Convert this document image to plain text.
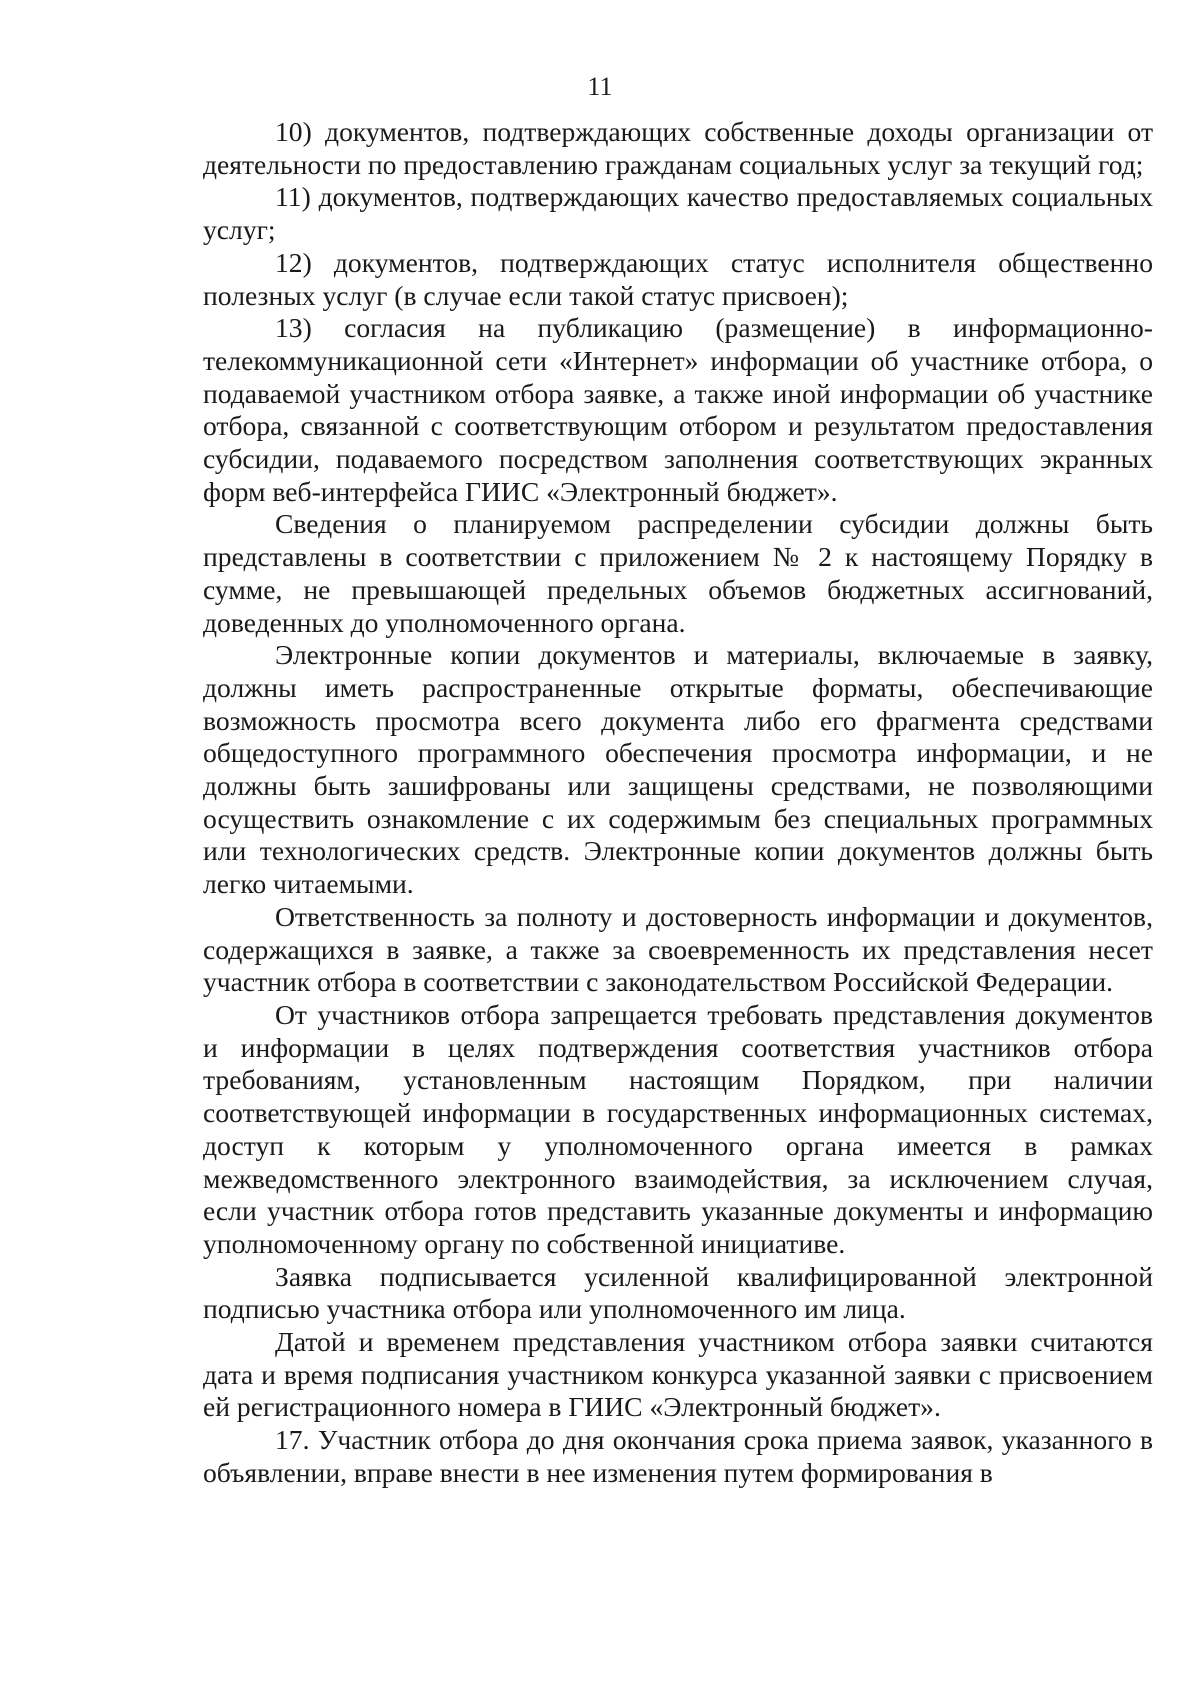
11

10) документов, подтверждающих собственные доходы организации от деятельности по предоставлению гражданам социальных услуг за текущий год;

11) документов, подтверждающих качество предоставляемых социальных услуг;

12) документов, подтверждающих статус исполнителя общественно полезных услуг (в случае если такой статус присвоен);

13) согласия на публикацию (размещение) в информационно-телекоммуникационной сети «Интернет» информации об участнике отбора, о подаваемой участником отбора заявке, а также иной информации об участнике отбора, связанной с соответствующим отбором и результатом предоставления субсидии, подаваемого посредством заполнения соответствующих экранных форм веб-интерфейса ГИИС «Электронный бюджет».

Сведения о планируемом распределении субсидии должны быть представлены в соответствии с приложением № 2 к настоящему Порядку в сумме, не превышающей предельных объемов бюджетных ассигнований, доведенных до уполномоченного органа.

Электронные копии документов и материалы, включаемые в заявку, должны иметь распространенные открытые форматы, обеспечивающие возможность просмотра всего документа либо его фрагмента средствами общедоступного программного обеспечения просмотра информации, и не должны быть зашифрованы или защищены средствами, не позволяющими осуществить ознакомление с их содержимым без специальных программных или технологических средств. Электронные копии документов должны быть легко читаемыми.

Ответственность за полноту и достоверность информации и документов, содержащихся в заявке, а также за своевременность их представления несет участник отбора в соответствии с законодательством Российской Федерации.

От участников отбора запрещается требовать представления документов и информации в целях подтверждения соответствия участников отбора требованиям, установленным настоящим Порядком, при наличии соответствующей информации в государственных информационных системах, доступ к которым у уполномоченного органа имеется в рамках межведомственного электронного взаимодействия, за исключением случая, если участник отбора готов представить указанные документы и информацию уполномоченному органу по собственной инициативе.

Заявка подписывается усиленной квалифицированной электронной подписью участника отбора или уполномоченного им лица.

Датой и временем представления участником отбора заявки считаются дата и время подписания участником конкурса указанной заявки с присвоением ей регистрационного номера в ГИИС «Электронный бюджет».

17. Участник отбора до дня окончания срока приема заявок, указанного в объявлении, вправе внести в нее изменения путем формирования в
